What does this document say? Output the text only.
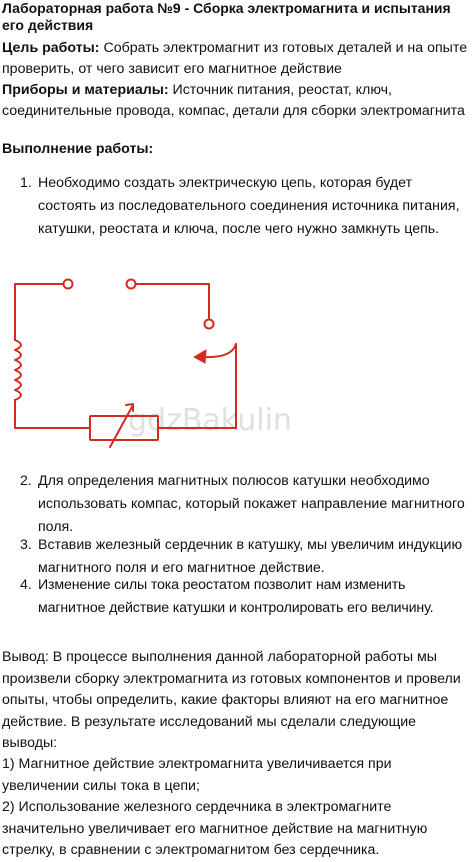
Лабораторная работа №9 - Сборка электромагнита и испытания его действия
Цель работы: Собрать электромагнит из готовых деталей и на опыте проверить, от чего зависит его магнитное действие
Приборы и материалы: Источник питания, реостат, ключ, соединительные провода, компас, детали для сборки электромагнита
Выполнение работы:
1. Необходимо создать электрическую цепь, которая будет состоять из последовательного соединения источника питания, катушки, реостата и ключа, после чего нужно замкнуть цепь.
gdzBakulin
2. Для определения магнитных полюсов катушки необходимо использовать компас, который покажет направление магнитного поля.
3. Вставив железный сердечник в катушку, мы увеличим индукцию магнитного поля и его магнитное действие.
4. Изменение силы тока реостатом позволит нам изменить магнитное действие катушки и контролировать его величину.
Вывод: В процессе выполнения данной лабораторной работы мы произвели сборку электромагнита из готовых компонентов и провели опыты, чтобы определить, какие факторы влияют на его магнитное действие. В результате исследований мы сделали следующие выводы:
1) Магнитное действие электромагнита увеличивается при увеличении силы тока в цепи;
2) Использование железного сердечника в электромагните значительно увеличивает его магнитное действие на магнитную стрелку, в сравнении с электромагнитом без сердечника.
